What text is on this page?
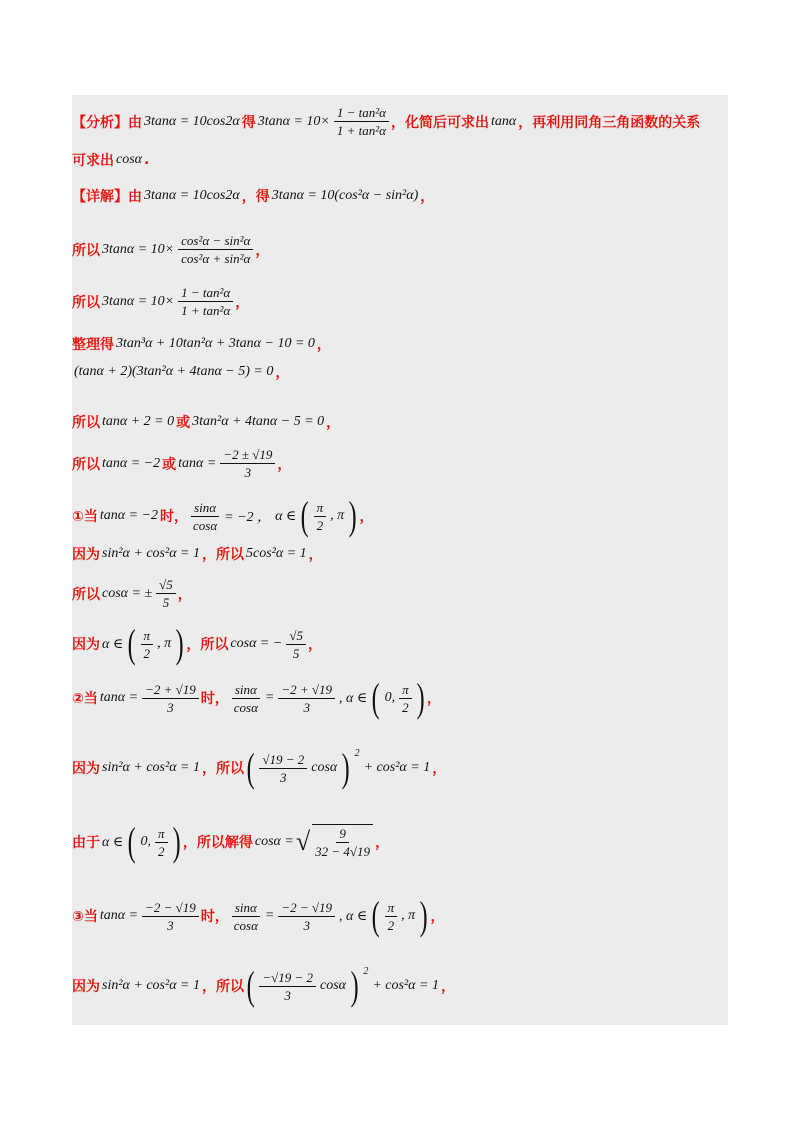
【分析】由 3tanα = 10cos2α 得 $3\tan\alpha = 10\times \frac{\text{1 − tan²α}}{\text{1 + tan²α}}$ ，化简后可求出 tanα ，再利用同角三角函数的关系
可求出 cosα .
【详解】由 3tanα = 10cos2α ，得 3tanα = 10(cos²α − sin²α) ，
所以 $3\tan\alpha = 10\times \frac{\text{cos²α − sin²α}}{\text{cos²α + sin²α}}$ ，
所以 $3\tan\alpha = 10\times \frac{\text{1 − tan²α}}{\text{1 + tan²α}}$ ，
整理得 3tan³α + 10tan²α + 3tanα − 10 = 0 ，
(tanα + 2)(3tan²α + 4tanα − 5) = 0 ，
所以 tanα + 2 = 0 或 3tan²α + 4tanα − 5 = 0 ，
所以 tanα = −2 或 $\tan\alpha = \frac{-2 \pm √19}{3}$ ，
①当 tanα = −2 时， $\frac{\sin\alpha}{\cos\alpha} = -2$ ， α ∈ ( $\frac{\pi}{2}$ , π ) ，
因为 sin²α + cos²α = 1 ，所以 5cos²α = 1 ，
所以 cosα = ± $\frac{√5}{5}$ ，
因为 α ∈ ( $\frac{\pi}{2}$ , π ) ，所以 cosα = − $\frac{√5}{5}$ ，
②当 $\tan\alpha = \frac{-2 + √19}{3}$ 时， $\frac{\sin\alpha}{\cos\alpha} = \frac{-2 + √19}{3}$ , α ∈ ( 0, $\frac{\pi}{2}$ ) ，
因为 sin²α + cos²α = 1 ，所以 ( $\frac{√19 - 2}{3}$ cosα ) 2
+ cos²α = 1 ，
由于 α ∈ ( 0, $\frac{\pi}{2}$ ) ，所以解得 cosα = √ $\frac{9}{32 - 4√19}$ ，
③当 $\tan\alpha = \frac{-2 - √19}{3}$ 时， $\frac{\sin\alpha}{\cos\alpha} = \frac{-2 - √19}{3}$ , α ∈ ( $\frac{\pi}{2}$ , π ) ，
因为 sin²α + cos²α = 1 ，所以 ( $\frac{-√19 - 2}{3}$ cosα ) 2
+ cos²α = 1 ，
